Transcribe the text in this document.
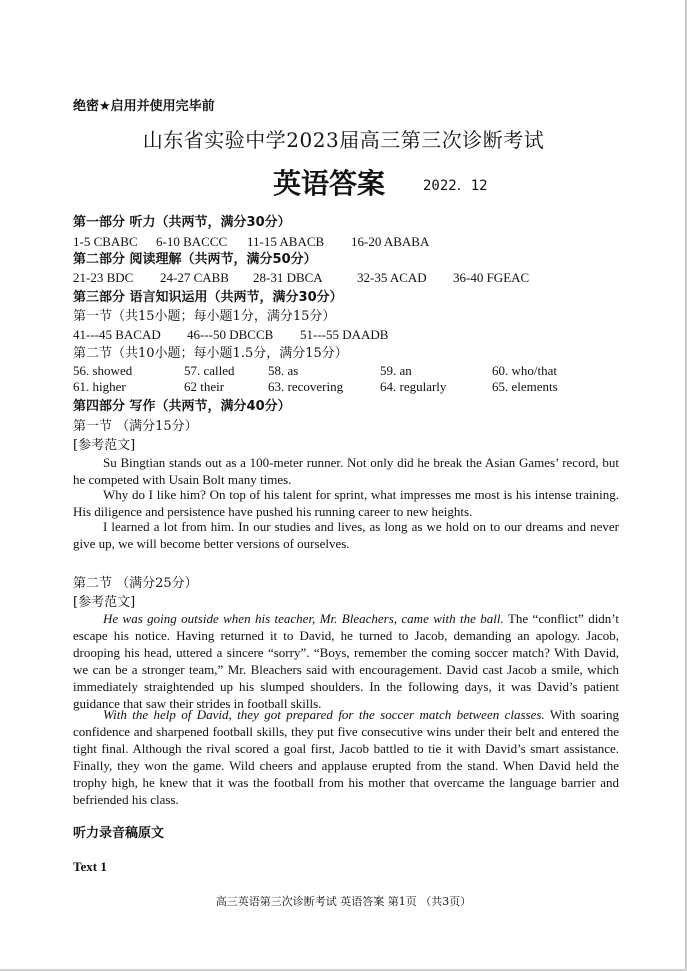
绝密★启用并使用完毕前
山东省实验中学2023届高三第三次诊断考试
英语答案	2022．12
第一部分 听力（共两节，满分30分）
1-5 CBABC 6-10 BACCC 11-15 ABACB 16-20 ABABA
第二部分 阅读理解（共两节，满分50分）
21-23 BDC 24-27 CABB 28-31 DBCA	32-35 ACAD 36-40 FGEAC
第三部分 语言知识运用（共两节，满分30分）
第一节（共15小题；每小题1分，满分15分）
41---45 BACAD 46---50 DBCCB 51---55 DAADB
第二节（共10小题；每小题1.5分，满分15分）
56. showed	57. called	58. as	59. an	60. who/that
61. higher	62 their	63. recovering	64. regularly	65. elements
第四部分 写作（共两节，满分40分）
第一节 （满分15分）
[参考范文]
Su Bingtian stands out as a 100-meter runner. Not only did he break the Asian Games’ record, but he competed with Usain Bolt many times.
Why do I like him? On top of his talent for sprint, what impresses me most is his intense training. His diligence and persistence have pushed his running career to new heights.
I learned a lot from him. In our studies and lives, as long as we hold on to our dreams and never give up, we will become better versions of ourselves.
第二节 （满分25分）
[参考范文]
He was going outside when his teacher, Mr. Bleachers, came with the ball. The “conflict” didn’t escape his notice. Having returned it to David, he turned to Jacob, demanding an apology. Jacob, drooping his head, uttered a sincere “sorry”. “Boys, remember the coming soccer match? With David, we can be a stronger team,” Mr. Bleachers said with encouragement. David cast Jacob a smile, which immediately straightended up his slumped shoulders. In the following days, it was David’s patient guidance that saw their strides in football skills.
With the help of David, they got prepared for the soccer match between classes. With soaring confidence and sharpened football skills, they put five consecutive wins under their belt and entered the tight final. Although the rival scored a goal first, Jacob battled to tie it with David’s smart assistance. Finally, they won the game. Wild cheers and applause erupted from the stand. When David held the trophy high, he knew that it was the football from his mother that overcame the language barrier and befriended his class.
听力录音稿原文
Text 1
高三英语第三次诊断考试 英语答案 第1页 （共3页）
